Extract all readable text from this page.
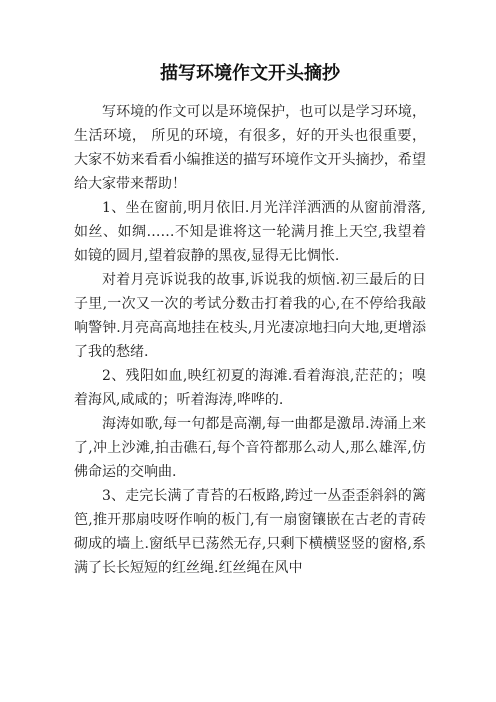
描写环境作文开头摘抄

写环境的作文可以是环境保护，也可以是学习环境，生活环境， 所见的环境，有很多，好的开头也很重要，大家不妨来看看小编推送的描写环境作文开头摘抄，希望给大家带来帮助！

1、坐在窗前,明月依旧.月光洋洋洒洒的从窗前滑落,如丝、如绸……不知是谁将这一轮满月推上天空,我望着如镜的圆月,望着寂静的黑夜,显得无比惆怅.

对着月亮诉说我的故事,诉说我的烦恼.初三最后的日子里,一次又一次的考试分数击打着我的心,在不停给我敲响警钟.月亮高高地挂在枝头,月光凄凉地扫向大地,更增添了我的愁绪.

2、残阳如血,映红初夏的海滩.看着海浪,茫茫的；嗅着海风,咸咸的；听着海涛,哗哗的.

海涛如歌,每一句都是高潮,每一曲都是激昂.涛涌上来了,冲上沙滩,拍击礁石,每个音符都那么动人,那么雄浑,仿佛命运的交响曲.

3、走完长满了青苔的石板路,跨过一丛歪歪斜斜的篱笆,推开那扇吱呀作响的板门,有一扇窗镶嵌在古老的青砖砌成的墙上.窗纸早已荡然无存,只剩下横横竖竖的窗格,系满了长长短短的红丝绳.红丝绳在风中
